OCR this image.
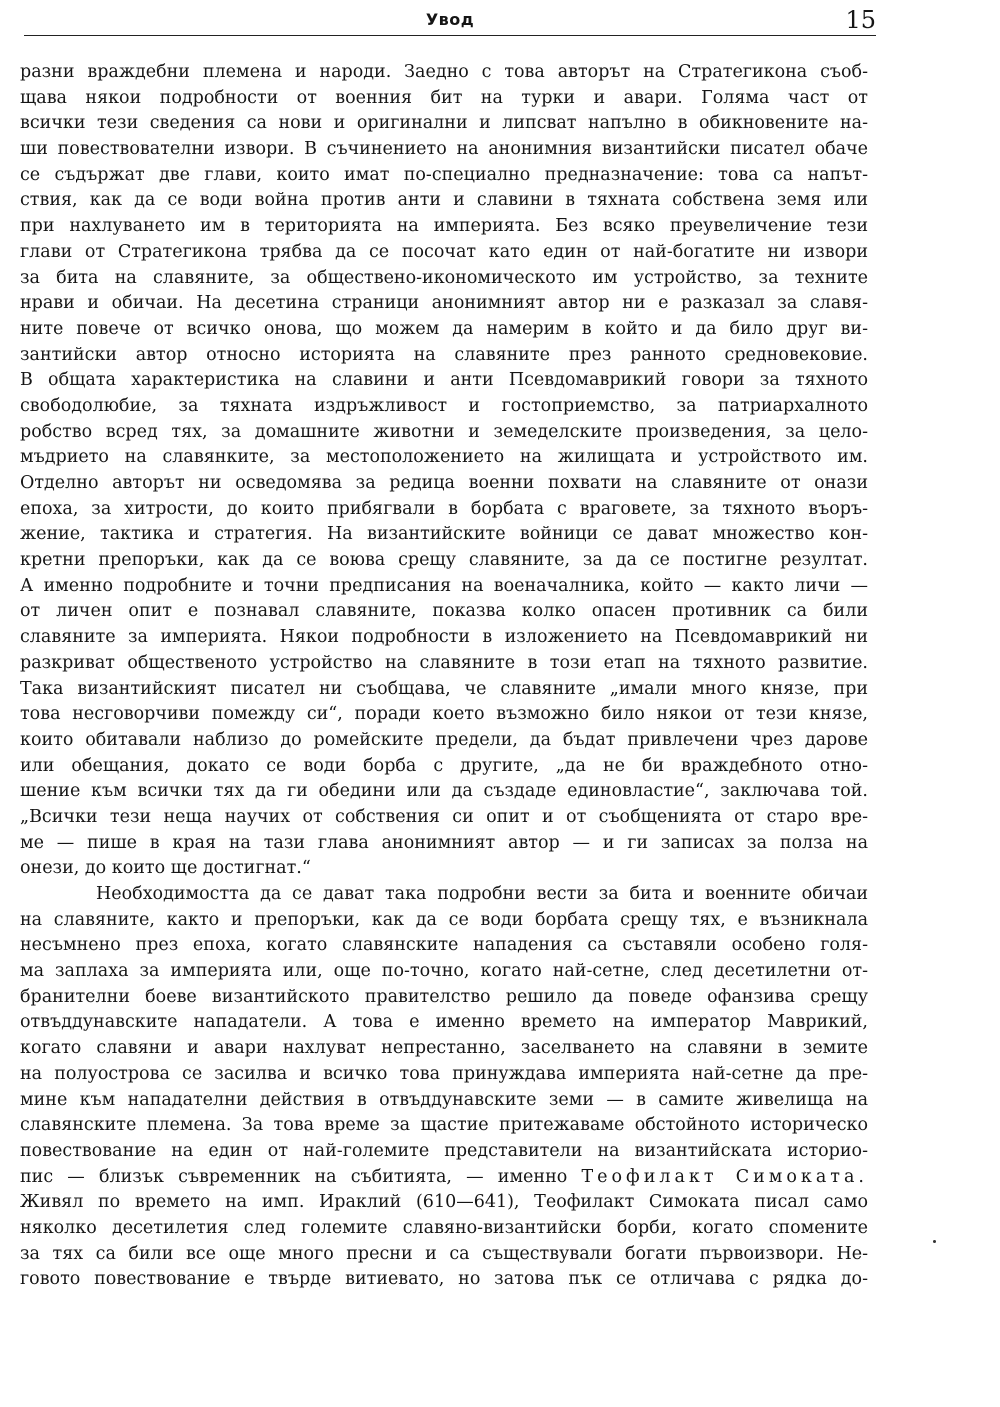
Увод	15
разни враждебни племена и народи. Заедно с това авторът на Стратегикона съоб-
щава някои подробности от военния бит на турки и авари. Голяма част от
всички тези сведения са нови и оригинални и липсват напълно в обикновените на-
ши повествователни извори. В съчинението на анонимния византийски писател обаче
се съдържат две глави, които имат по-специално предназначение: това са напът-
ствия, как да се води война против анти и славини в тяхната собствена земя или
при нахлуването им в територията на империята. Без всяко преувеличение тези
глави от Стратегикона трябва да се посочат като един от най-богатите ни извори
за бита на славяните, за обществено-икономическото им устройство, за техните
нрави и обичаи. На десетина страници анонимният автор ни е разказал за славя-
ните повече от всичко онова, що можем да намерим в който и да било друг ви-
зантийски автор относно историята на славяните през ранното средновековие.
В общата характеристика на славини и анти Псевдомаврикий говори за тяхното
свободолюбие, за тяхната издръжливост и гостоприемство, за патриархалното
робство всред тях, за домашните животни и земеделските произведения, за цело-
мъдрието на славянките, за местоположението на жилищата и устройството им.
Отделно авторът ни осведомява за редица военни похвати на славяните от онази
епоха, за хитрости, до които прибягвали в борбата с враговете, за тяхното въоръ-
жение, тактика и стратегия. На византийските войници се дават множество кон-
кретни препоръки, как да се воюва срещу славяните, за да се постигне резултат.
А именно подробните и точни предписания на военачалника, който — както личи —
от личен опит е познавал славяните, показва колко опасен противник са били
славяните за империята. Някои подробности в изложението на Псевдомаврикий ни
разкриват общественото устройство на славяните в този етап на тяхното развитие.
Така византийският писател ни съобщава, че славяните „имали много князе, при
това несговорчиви помежду си“, поради което възможно било някои от тези князе,
които обитавали наблизо до ромейските предели, да бъдат привлечени чрез дарове
или обещания, докато се води борба с другите, „да не би враждебното отно-
шение към всички тях да ги обедини или да създаде единовластие“, заключава той.
„Всички тези неща научих от собствения си опит и от съобщенията от старо вре-
ме — пише в края на тази глава анонимният автор — и ги записах за полза на
онези, до които ще достигнат.“
Необходимостта да се дават така подробни вести за бита и военните обичаи
на славяните, както и препоръки, как да се води борбата срещу тях, е възникнала
несъмнено през епоха, когато славянските нападения са съставяли особено голя-
ма заплаха за империята или, още по-точно, когато най-сетне, след десетилетни от-
бранителни боеве византийското правителство решило да поведе офанзива срещу
отвъддунавските нападатели. А това е именно времето на император Маврикий,
когато славяни и авари нахлуват непрестанно, заселването на славяни в земите
на полуострова се засилва и всичко това принуждава империята най-сетне да пре-
мине към нападателни действия в отвъддунавските земи — в самите живелища на
славянските племена. За това време за щастие притежаваме обстойното историческо
повествование на един от най-големите представители на византийската историо-
пис — близък съвременник на събитията, — именно Теофилакт Симоката.
Живял по времето на имп. Ираклий (610—641), Теофилакт Симоката писал само
няколко десетилетия след големите славяно-византийски борби, когато спомените
за тях са били все още много пресни и са съществували богати първоизвори. Не-
говото повествование е твърде витиевато, но затова пък се отличава с рядка до-
